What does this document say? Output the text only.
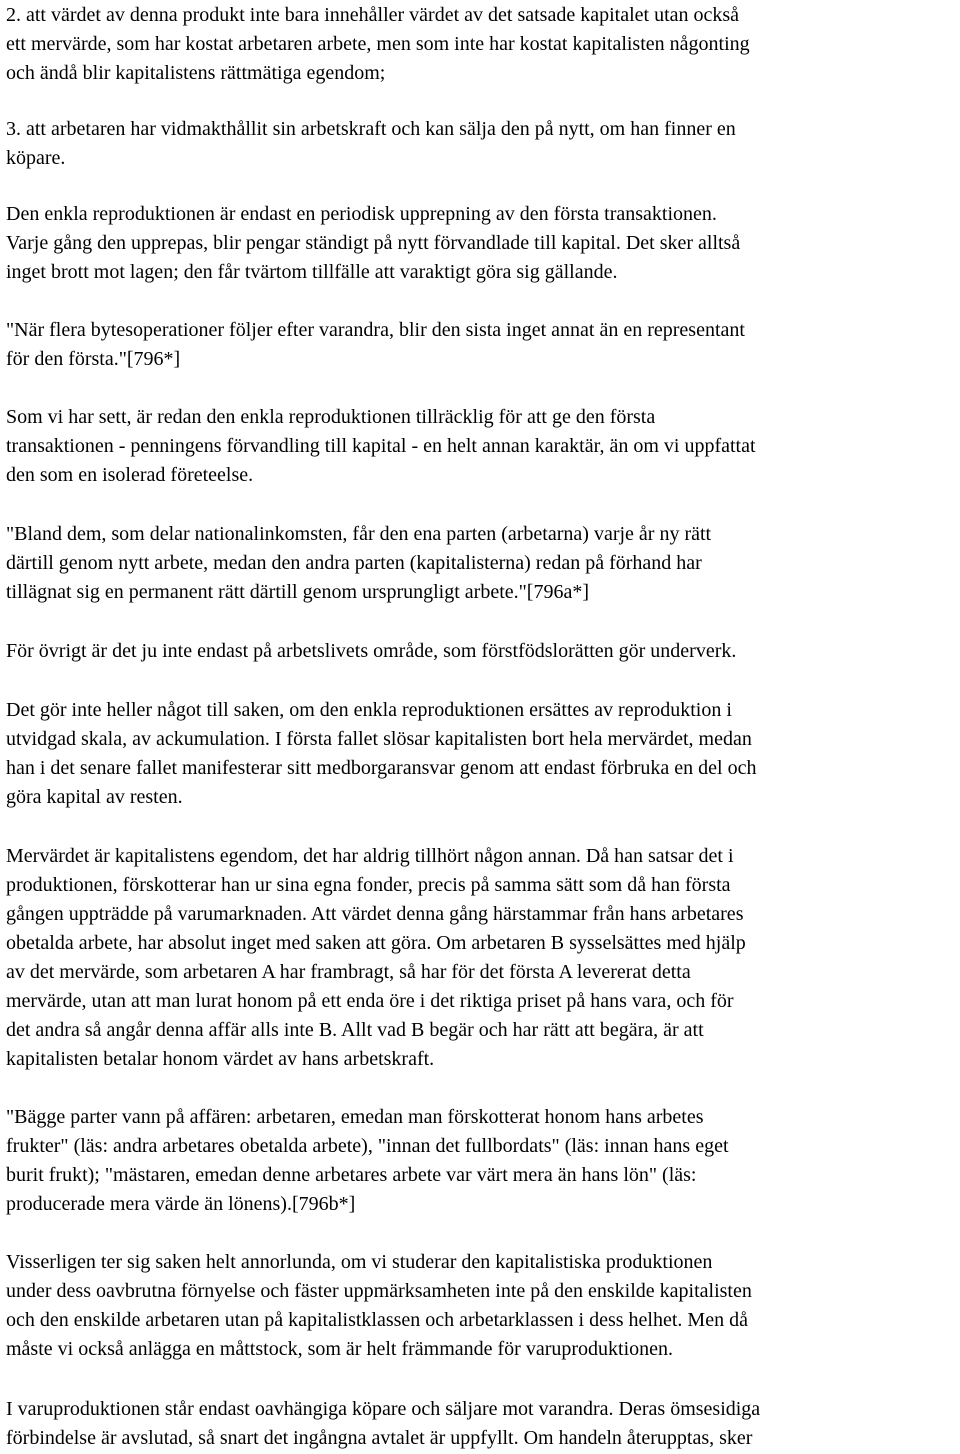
2. att värdet av denna produkt inte bara innehåller värdet av det satsade kapitalet utan också
ett mervärde, som har kostat arbetaren arbete, men som inte har kostat kapitalisten någonting
och ändå blir kapitalistens rättmätiga egendom;
3. att arbetaren har vidmakthållit sin arbetskraft och kan sälja den på nytt, om han finner en
köpare.
Den enkla reproduktionen är endast en periodisk upprepning av den första transaktionen.
Varje gång den upprepas, blir pengar ständigt på nytt förvandlade till kapital. Det sker alltså
inget brott mot lagen; den får tvärtom tillfälle att varaktigt göra sig gällande.
"När flera bytesoperationer följer efter varandra, blir den sista inget annat än en representant
för den första."[796*]
Som vi har sett, är redan den enkla reproduktionen tillräcklig för att ge den första
transaktionen - penningens förvandling till kapital - en helt annan karaktär, än om vi uppfattat
den som en isolerad företeelse.
"Bland dem, som delar nationalinkomsten, får den ena parten (arbetarna) varje år ny rätt
därtill genom nytt arbete, medan den andra parten (kapitalisterna) redan på förhand har
tillägnat sig en permanent rätt därtill genom ursprungligt arbete."[796a*]
För övrigt är det ju inte endast på arbetslivets område, som förstfödslorätten gör underverk.
Det gör inte heller något till saken, om den enkla reproduktionen ersättes av reproduktion i
utvidgad skala, av ackumulation. I första fallet slösar kapitalisten bort hela mervärdet, medan
han i det senare fallet manifesterar sitt medborgaransvar genom att endast förbruka en del och
göra kapital av resten.
Mervärdet är kapitalistens egendom, det har aldrig tillhört någon annan. Då han satsar det i
produktionen, förskotterar han ur sina egna fonder, precis på samma sätt som då han första
gången uppträdde på varumarknaden. Att värdet denna gång härstammar från hans arbetares
obetalda arbete, har absolut inget med saken att göra. Om arbetaren B sysselsättes med hjälp
av det mervärde, som arbetaren A har frambragt, så har för det första A levererat detta
mervärde, utan att man lurat honom på ett enda öre i det riktiga priset på hans vara, och för
det andra så angår denna affär alls inte B. Allt vad B begär och har rätt att begära, är att
kapitalisten betalar honom värdet av hans arbetskraft.
"Bägge parter vann på affären: arbetaren, emedan man förskotterat honom hans arbetes
frukter" (läs: andra arbetares obetalda arbete), "innan det fullbordats" (läs: innan hans eget
burit frukt); "mästaren, emedan denne arbetares arbete var värt mera än hans lön" (läs:
producerade mera värde än lönens).[796b*]
Visserligen ter sig saken helt annorlunda, om vi studerar den kapitalistiska produktionen
under dess oavbrutna förnyelse och fäster uppmärksamheten inte på den enskilde kapitalisten
och den enskilde arbetaren utan på kapitalistklassen och arbetarklassen i dess helhet. Men då
måste vi också anlägga en måttstock, som är helt främmande för varuproduktionen.
I varuproduktionen står endast oavhängiga köpare och säljare mot varandra. Deras ömsesidiga
förbindelse är avslutad, så snart det ingångna avtalet är uppfyllt. Om handeln återupptas, sker
